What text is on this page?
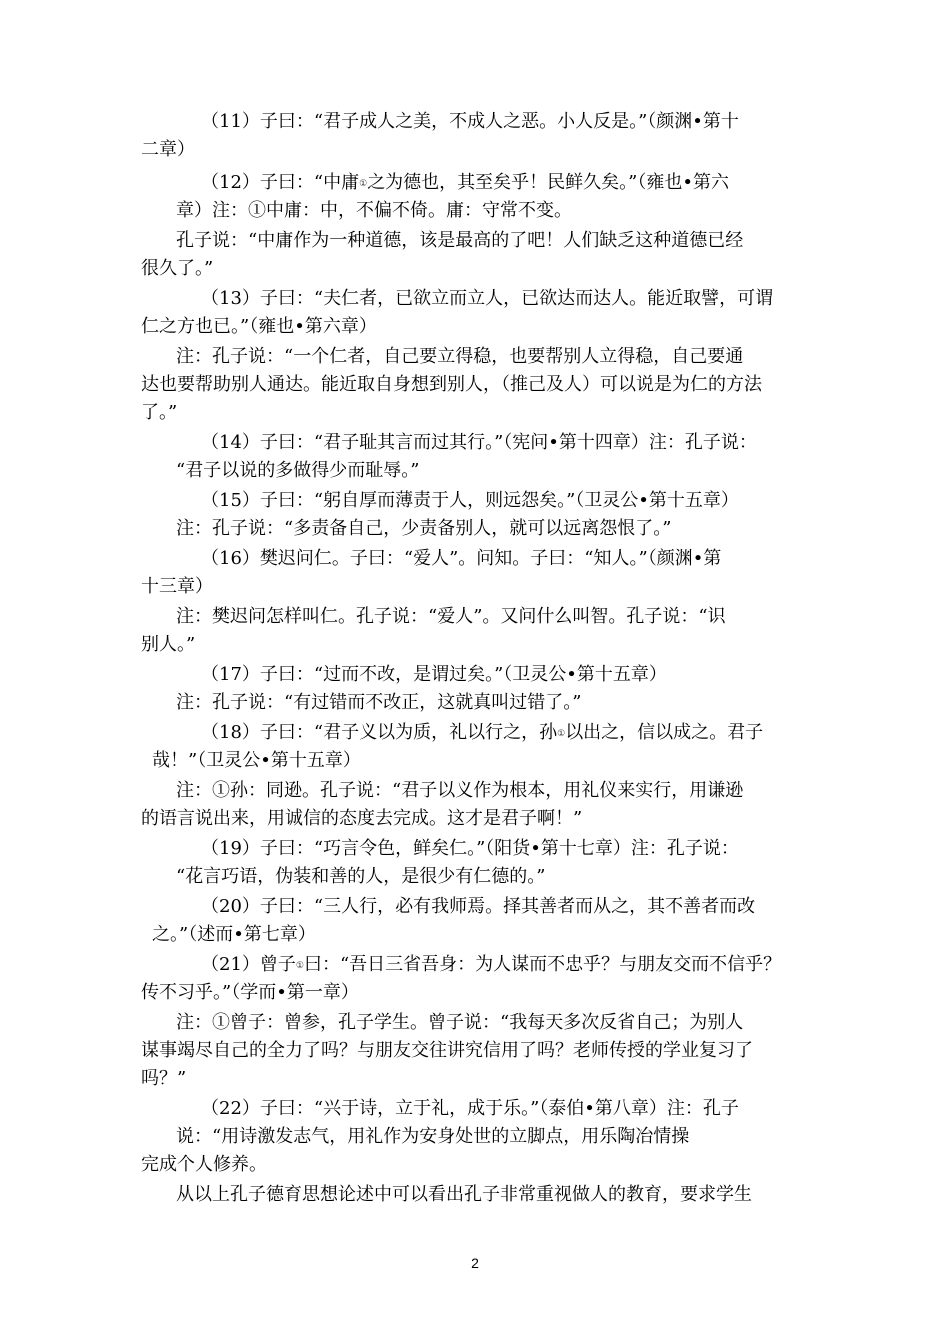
（11）子曰：“君子成人之美，不成人之恶。小人反是。”（颜渊•第十
二章）
（12）子曰：“中庸①之为德也，其至矣乎！民鲜久矣。”（雍也•第六
章）注：①中庸：中，不偏不倚。庸：守常不变。
孔子说：“中庸作为一种道德，该是最高的了吧！人们缺乏这种道德已经
很久了。”
（13）子曰：“夫仁者，已欲立而立人，已欲达而达人。能近取譬，可谓
仁之方也已。”（雍也•第六章）
注：孔子说：“一个仁者，自己要立得稳，也要帮别人立得稳，自己要通
达也要帮助别人通达。能近取自身想到别人，（推己及人）可以说是为仁的方法
了。”
（14）子曰：“君子耻其言而过其行。”（宪问•第十四章）注：孔子说：
“君子以说的多做得少而耻辱。”
（15）子曰：“躬自厚而薄责于人，则远怨矣。”（卫灵公•第十五章）
注：孔子说：“多责备自己，少责备别人，就可以远离怨恨了。”
（16）樊迟问仁。子曰：“爱人”。问知。子曰：“知人。”（颜渊•第
十三章）
注：樊迟问怎样叫仁。孔子说：“爱人”。又问什么叫智。孔子说：“识
别人。”
（17）子曰：“过而不改，是谓过矣。”（卫灵公•第十五章）
注：孔子说：“有过错而不改正，这就真叫过错了。”
（18）子曰：“君子义以为质，礼以行之，孙①以出之，信以成之。君子
哉！”（卫灵公•第十五章）
注：①孙：同逊。孔子说：“君子以义作为根本，用礼仪来实行，用谦逊
的语言说出来，用诚信的态度去完成。这才是君子啊！”
（19）子曰：“巧言令色，鲜矣仁。”（阳货•第十七章）注：孔子说：
“花言巧语，伪装和善的人，是很少有仁德的。”
（20）子曰：“三人行，必有我师焉。择其善者而从之，其不善者而改
之。”（述而•第七章）
（21）曾子①曰：“吾日三省吾身：为人谋而不忠乎？与朋友交而不信乎？
传不习乎。”（学而•第一章）
注：①曾子：曾参，孔子学生。曾子说：“我每天多次反省自己；为别人
谋事竭尽自己的全力了吗？与朋友交往讲究信用了吗？老师传授的学业复习了
吗？”
（22）子曰：“兴于诗，立于礼，成于乐。”（泰伯•第八章）注：孔子
说：“用诗激发志气，用礼作为安身处世的立脚点，用乐陶冶情操
完成个人修养。
从以上孔子德育思想论述中可以看出孔子非常重视做人的教育，要求学生
2
